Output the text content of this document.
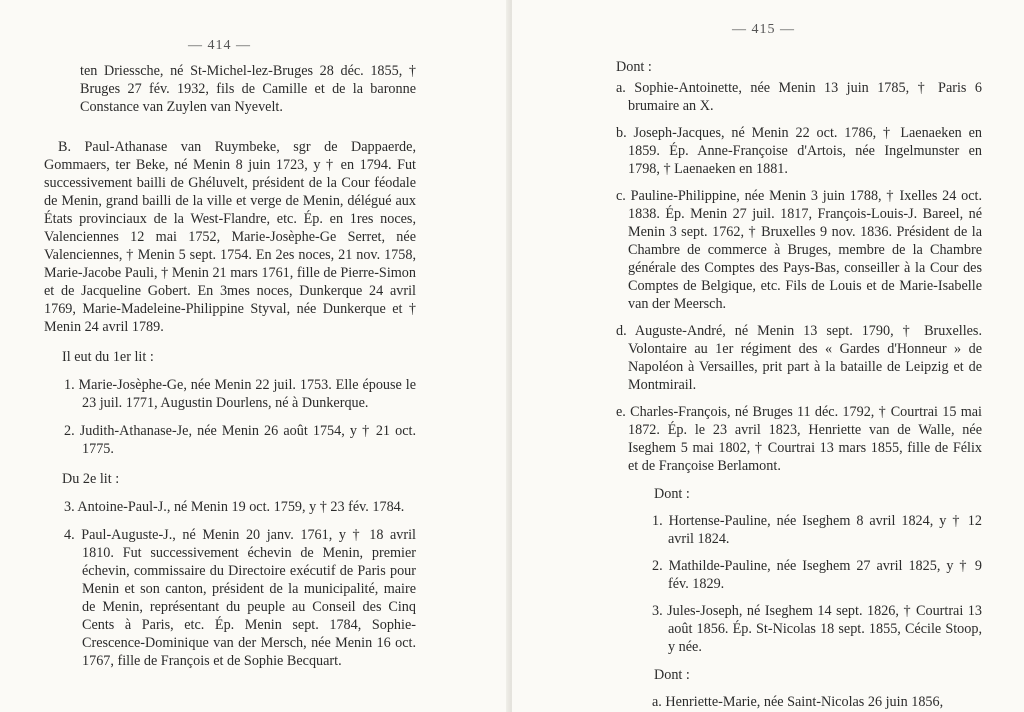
— 414 —

ten Driessche, né St-Michel-lez-Bruges 28 déc. 1855, † Bruges 27 fév. 1932, fils de Camille et de la baronne Constance van Zuylen van Nyevelt.

B. Paul-Athanase van Ruymbeke, sgr de Dappaerde, Gommaers, ter Beke, né Menin 8 juin 1723, y † en 1794. Fut successivement bailli de Ghéluvelt, président de la Cour féodale de Menin, grand bailli de la ville et verge de Menin, délégué aux États provinciaux de la West-Flandre, etc. Ép. en 1res noces, Valenciennes 12 mai 1752, Marie-Josèphe-Ge Serret, née Valenciennes, † Menin 5 sept. 1754. En 2es noces, 21 nov. 1758, Marie-Jacobe Pauli, † Menin 21 mars 1761, fille de Pierre-Simon et de Jacqueline Gobert. En 3mes noces, Dunkerque 24 avril 1769, Marie-Madeleine-Philippine Styval, née Dunkerque et † Menin 24 avril 1789.

Il eut du 1er lit :

1. Marie-Josèphe-Ge, née Menin 22 juil. 1753. Elle épouse le 23 juil. 1771, Augustin Dourlens, né à Dunkerque.

2. Judith-Athanase-Je, née Menin 26 août 1754, y † 21 oct. 1775.

Du 2e lit :

3. Antoine-Paul-J., né Menin 19 oct. 1759, y † 23 fév. 1784.

4. Paul-Auguste-J., né Menin 20 janv. 1761, y † 18 avril 1810. Fut successivement échevin de Menin, premier échevin, commissaire du Directoire exécutif de Paris pour Menin et son canton, président de la municipalité, maire de Menin, représentant du peuple au Conseil des Cinq Cents à Paris, etc. Ép. Menin sept. 1784, Sophie-Crescence-Dominique van der Mersch, née Menin 16 oct. 1767, fille de François et de Sophie Becquart.

— 415 —

Dont :

a. Sophie-Antoinette, née Menin 13 juin 1785, † Paris 6 brumaire an X.

b. Joseph-Jacques, né Menin 22 oct. 1786, † Laenaeken en 1859. Ép. Anne-Françoise d'Artois, née Ingelmunster en 1798, † Laenaeken en 1881.

c. Pauline-Philippine, née Menin 3 juin 1788, † Ixelles 24 oct. 1838. Ép. Menin 27 juil. 1817, François-Louis-J. Bareel, né Menin 3 sept. 1762, † Bruxelles 9 nov. 1836. Président de la Chambre de commerce à Bruges, membre de la Chambre générale des Comptes des Pays-Bas, conseiller à la Cour des Comptes de Belgique, etc. Fils de Louis et de Marie-Isabelle van der Meersch.

d. Auguste-André, né Menin 13 sept. 1790, † Bruxelles. Volontaire au 1er régiment des « Gardes d'Honneur » de Napoléon à Versailles, prit part à la bataille de Leipzig et de Montmirail.

e. Charles-François, né Bruges 11 déc. 1792, † Courtrai 15 mai 1872. Ép. le 23 avril 1823, Henriette van de Walle, née Iseghem 5 mai 1802, † Courtrai 13 mars 1855, fille de Félix et de Françoise Berlamont.

Dont :

1. Hortense-Pauline, née Iseghem 8 avril 1824, y † 12 avril 1824.

2. Mathilde-Pauline, née Iseghem 27 avril 1825, y † 9 fév. 1829.

3. Jules-Joseph, né Iseghem 14 sept. 1826, † Courtrai 13 août 1856. Ép. St-Nicolas 18 sept. 1855, Cécile Stoop, y née.

Dont :

a. Henriette-Marie, née Saint-Nicolas 26 juin 1856,
